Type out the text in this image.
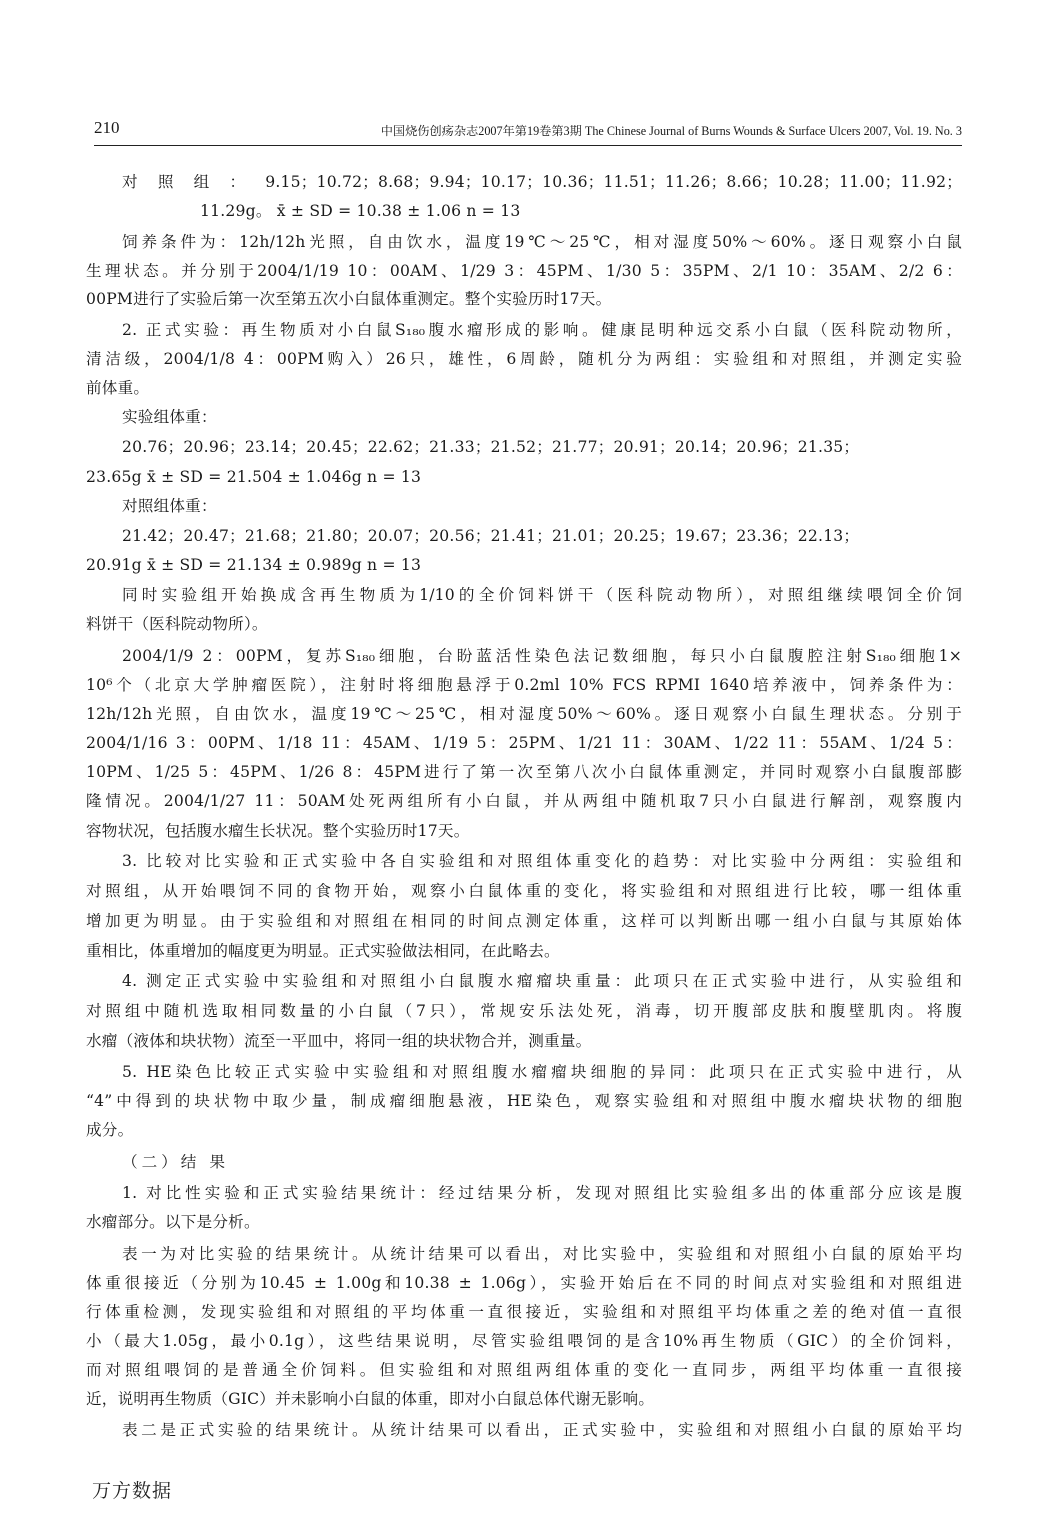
210	中国烧伤创疡杂志2007年第19卷第3期 The Chinese Journal of Burns Wounds & Surface Ulcers 2007, Vol. 19. No. 3
对照组：9.15；10.72；8.68；9.94；10.17；10.36；11.51；11.26；8.66；10.28；11.00；11.92；
11.29g。 x̄ ± SD = 10.38 ± 1.06 n = 13
饲养条件为：12h/12h光照，自由饮水，温度19℃～25℃，相对湿度50%～60%。逐日观察小白鼠
生理状态。并分别于2004/1/19 10：00AM、1/29 3：45PM、1/30 5：35PM、2/1 10：35AM、2/2 6：
00PM进行了实验后第一次至第五次小白鼠体重测定。整个实验历时17天。
2. 正式实验：再生物质对小白鼠S₁₈₀腹水瘤形成的影响。健康昆明种远交系小白鼠（医科院动物所，
清洁级，2004/1/8 4：00PM购入）26只，雄性，6周龄，随机分为两组：实验组和对照组，并测定实验
前体重。
实验组体重：
20.76；20.96；23.14；20.45；22.62；21.33；21.52；21.77；20.91；20.14；20.96；21.35；
23.65g x̄ ± SD = 21.504 ± 1.046g n = 13
对照组体重：
21.42；20.47；21.68；21.80；20.07；20.56；21.41；21.01；20.25；19.67；23.36；22.13；
20.91g x̄ ± SD = 21.134 ± 0.989g n = 13
同时实验组开始换成含再生物质为1/10的全价饲料饼干（医科院动物所），对照组继续喂饲全价饲
料饼干（医科院动物所）。
2004/1/9 2：00PM，复苏S₁₈₀细胞，台盼蓝活性染色法记数细胞，每只小白鼠腹腔注射S₁₈₀细胞1×
10⁶个（北京大学肿瘤医院），注射时将细胞悬浮于0.2ml 10% FCS RPMI 1640培养液中，饲养条件为：
12h/12h光照，自由饮水，温度19℃～25℃，相对湿度50%～60%。逐日观察小白鼠生理状态。分别于
2004/1/16 3：00PM、1/18 11：45AM、1/19 5：25PM、1/21 11：30AM、1/22 11：55AM、1/24 5：
10PM、1/25 5：45PM、1/26 8：45PM进行了第一次至第八次小白鼠体重测定，并同时观察小白鼠腹部膨
隆情况。2004/1/27 11：50AM处死两组所有小白鼠，并从两组中随机取7只小白鼠进行解剖，观察腹内
容物状况，包括腹水瘤生长状况。整个实验历时17天。
3. 比较对比实验和正式实验中各自实验组和对照组体重变化的趋势：对比实验中分两组：实验组和
对照组，从开始喂饲不同的食物开始，观察小白鼠体重的变化，将实验组和对照组进行比较，哪一组体重
增加更为明显。由于实验组和对照组在相同的时间点测定体重，这样可以判断出哪一组小白鼠与其原始体
重相比，体重增加的幅度更为明显。正式实验做法相同，在此略去。
4. 测定正式实验中实验组和对照组小白鼠腹水瘤瘤块重量：此项只在正式实验中进行，从实验组和
对照组中随机选取相同数量的小白鼠（7只），常规安乐法处死，消毒，切开腹部皮肤和腹壁肌肉。将腹
水瘤（液体和块状物）流至一平皿中，将同一组的块状物合并，测重量。
5. HE染色比较正式实验中实验组和对照组腹水瘤瘤块细胞的异同：此项只在正式实验中进行，从
“4”中得到的块状物中取少量，制成瘤细胞悬液，HE染色，观察实验组和对照组中腹水瘤块状物的细胞
成分。
（二）结 果
1. 对比性实验和正式实验结果统计：经过结果分析，发现对照组比实验组多出的体重部分应该是腹
水瘤部分。以下是分析。
表一为对比实验的结果统计。从统计结果可以看出，对比实验中，实验组和对照组小白鼠的原始平均
体重很接近（分别为10.45 ± 1.00g和10.38 ± 1.06g），实验开始后在不同的时间点对实验组和对照组进
行体重检测，发现实验组和对照组的平均体重一直很接近，实验组和对照组平均体重之差的绝对值一直很
小（最大1.05g，最小0.1g），这些结果说明，尽管实验组喂饲的是含10%再生物质（GIC）的全价饲料，
而对照组喂饲的是普通全价饲料。但实验组和对照组两组体重的变化一直同步，两组平均体重一直很接
近，说明再生物质（GIC）并未影响小白鼠的体重，即对小白鼠总体代谢无影响。
表二是正式实验的结果统计。从统计结果可以看出，正式实验中，实验组和对照组小白鼠的原始平均
万方数据
